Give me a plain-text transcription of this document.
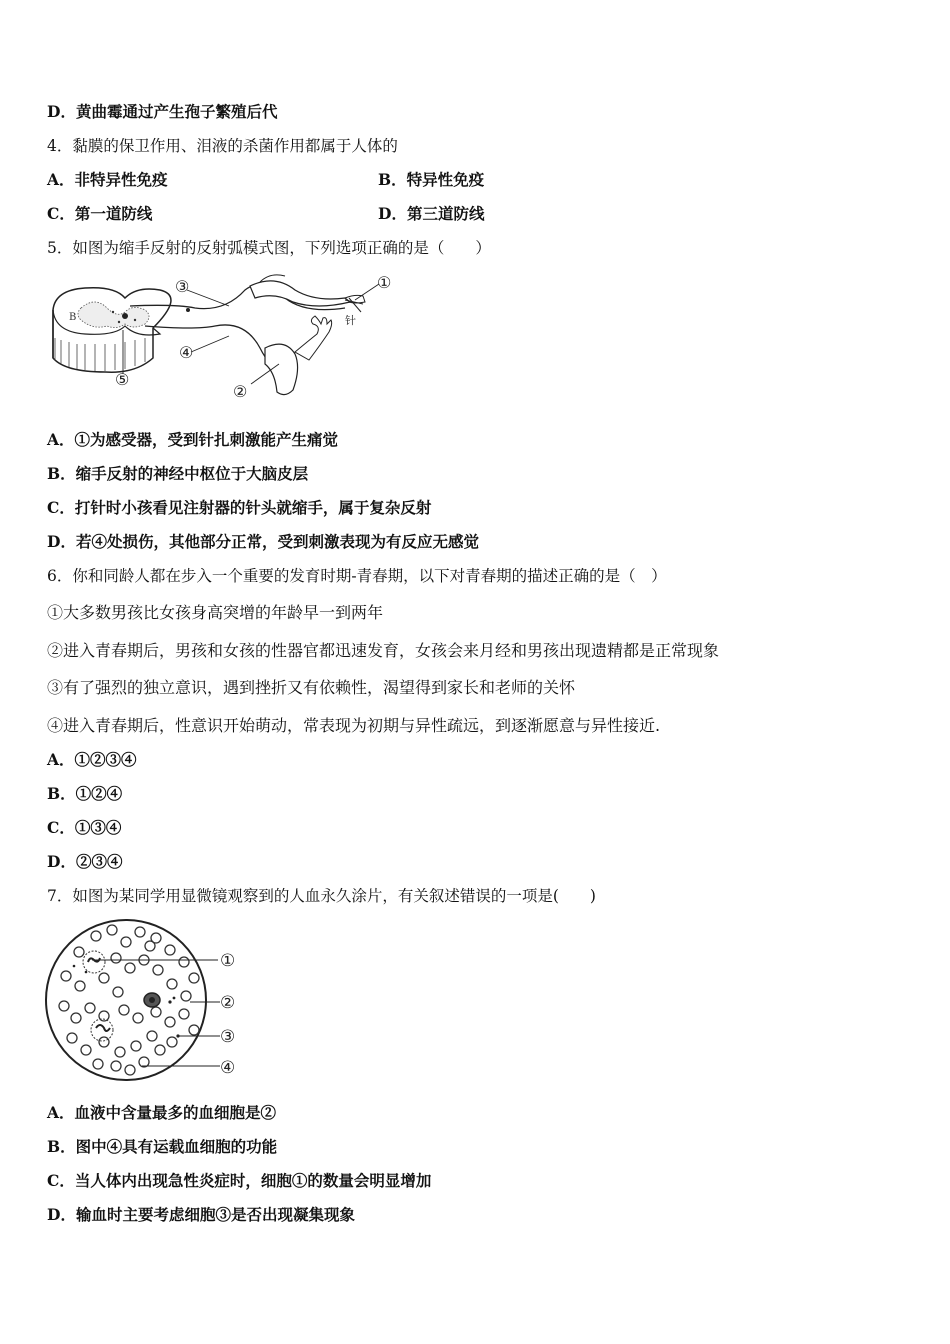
D．黄曲霉通过产生孢子繁殖后代
4．黏膜的保卫作用、泪液的杀菌作用都属于人体的
A．非特异性免疫	B．特异性免疫
C．第一道防线	D．第三道防线
5．如图为缩手反射的反射弧模式图，下列选项正确的是（　　）
B	针
③	①
④
⑤
②
A．①为感受器，受到针扎刺激能产生痛觉
B．缩手反射的神经中枢位于大脑皮层
C．打针时小孩看见注射器的针头就缩手，属于复杂反射
D．若④处损伤，其他部分正常，受到刺激表现为有反应无感觉
6．你和同龄人都在步入一个重要的发育时期-青春期，以下对青春期的描述正确的是（　）
①大多数男孩比女孩身高突增的年龄早一到两年
②进入青春期后，男孩和女孩的性器官都迅速发育，女孩会来月经和男孩出现遗精都是正常现象
③有了强烈的独立意识，遇到挫折又有依赖性，渴望得到家长和老师的关怀
④进入青春期后，性意识开始萌动，常表现为初期与异性疏远，到逐渐愿意与异性接近.
A．①②③④
B．①②④
C．①③④
D．②③④
7．如图为某同学用显微镜观察到的人血永久涂片，有关叙述错误的一项是(　　)
①
②
③
④
A．血液中含量最多的血细胞是②
B．图中④具有运载血细胞的功能
C．当人体内出现急性炎症时，细胞①的数量会明显增加
D．输血时主要考虑细胞③是否出现凝集现象
